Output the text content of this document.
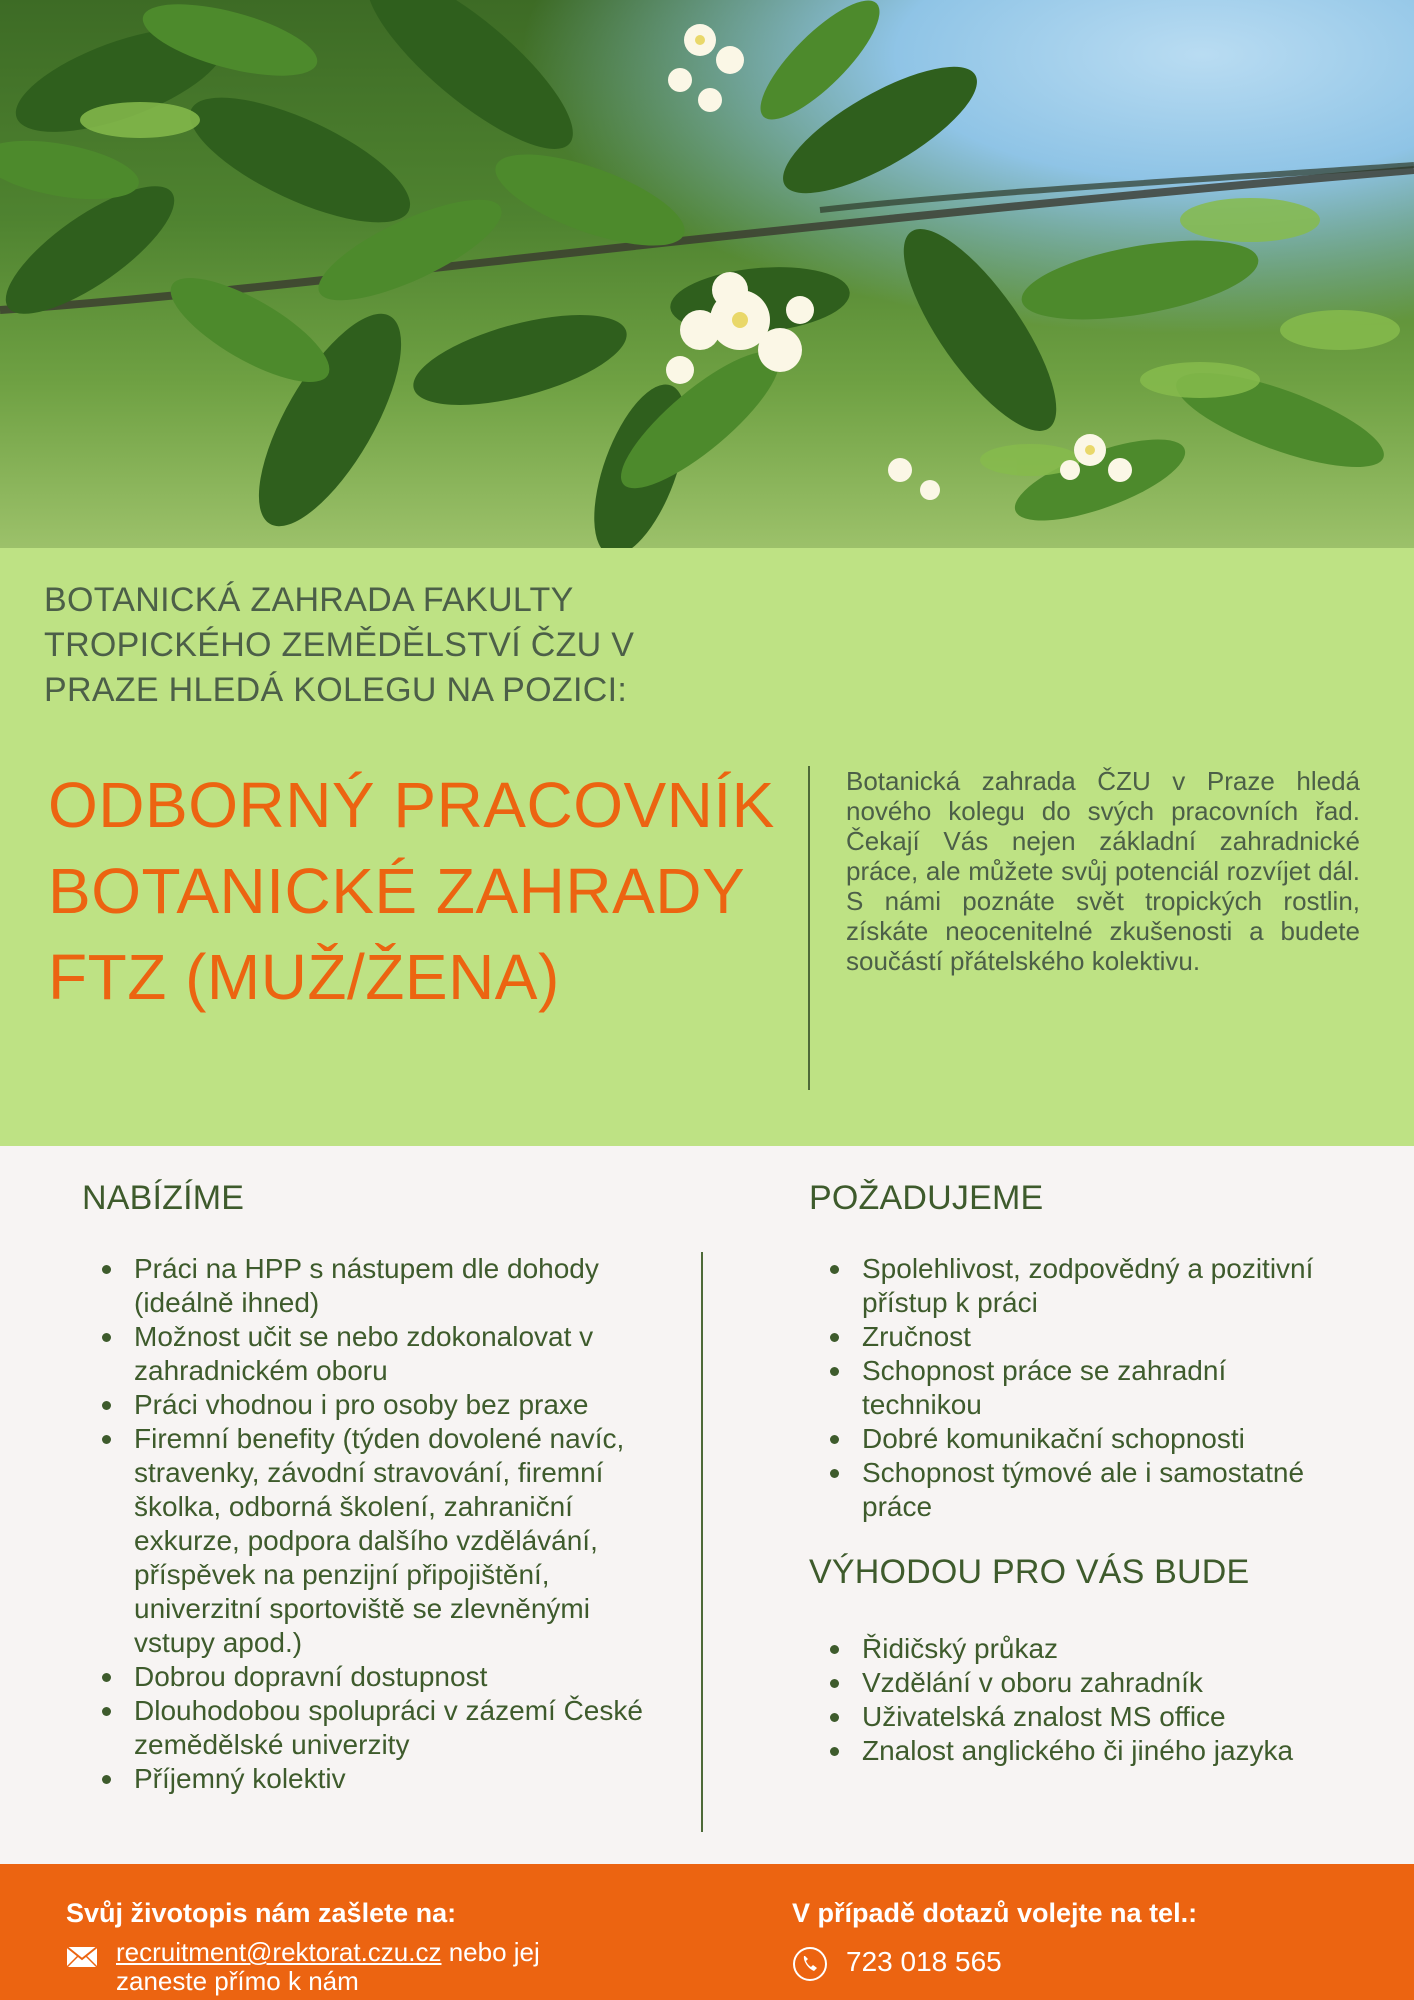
BOTANICKÁ ZAHRADA FAKULTY TROPICKÉHO ZEMĚDĚLSTVÍ ČZU V PRAZE HLEDÁ KOLEGU NA POZICI:
ODBORNÝ PRACOVNÍK
BOTANICKÉ ZAHRADY
FTZ (MUŽ/ŽENA)
Botanická zahrada ČZU v Praze hledá nového kolegu do svých pracovních řad. Čekají Vás nejen základní zahradnické práce, ale můžete svůj potenciál rozvíjet dál. S námi poznáte svět tropických rostlin, získáte neocenitelné zkušenosti a budete součástí přátelského kolektivu.
NABÍZÍME
Práci na HPP s nástupem dle dohody (ideálně ihned)
Možnost učit se nebo zdokonalovat v zahradnickém oboru
Práci vhodnou i pro osoby bez praxe
Firemní benefity (týden dovolené navíc, stravenky, závodní stravování, firemní školka, odborná školení, zahraniční exkurze, podpora dalšího vzdělávání, příspěvek na penzijní připojištění, univerzitní sportoviště se zlevněnými vstupy apod.)
Dobrou dopravní dostupnost
Dlouhodobou spolupráci v zázemí České zemědělské univerzity
Příjemný kolektiv
POŽADUJEME
Spolehlivost, zodpovědný a pozitivní přístup k práci
Zručnost
Schopnost práce se zahradní technikou
Dobré komunikační schopnosti
Schopnost týmové ale i samostatné práce
VÝHODOU PRO VÁS BUDE
Řidičský průkaz
Vzdělání v oboru zahradník
Uživatelská znalost MS office
Znalost anglického či jiného jazyka
Svůj životopis nám zašlete na:
recruitment@rektorat.czu.cz nebo jej zaneste přímo k nám
V případě dotazů volejte na tel.:
723 018 565
